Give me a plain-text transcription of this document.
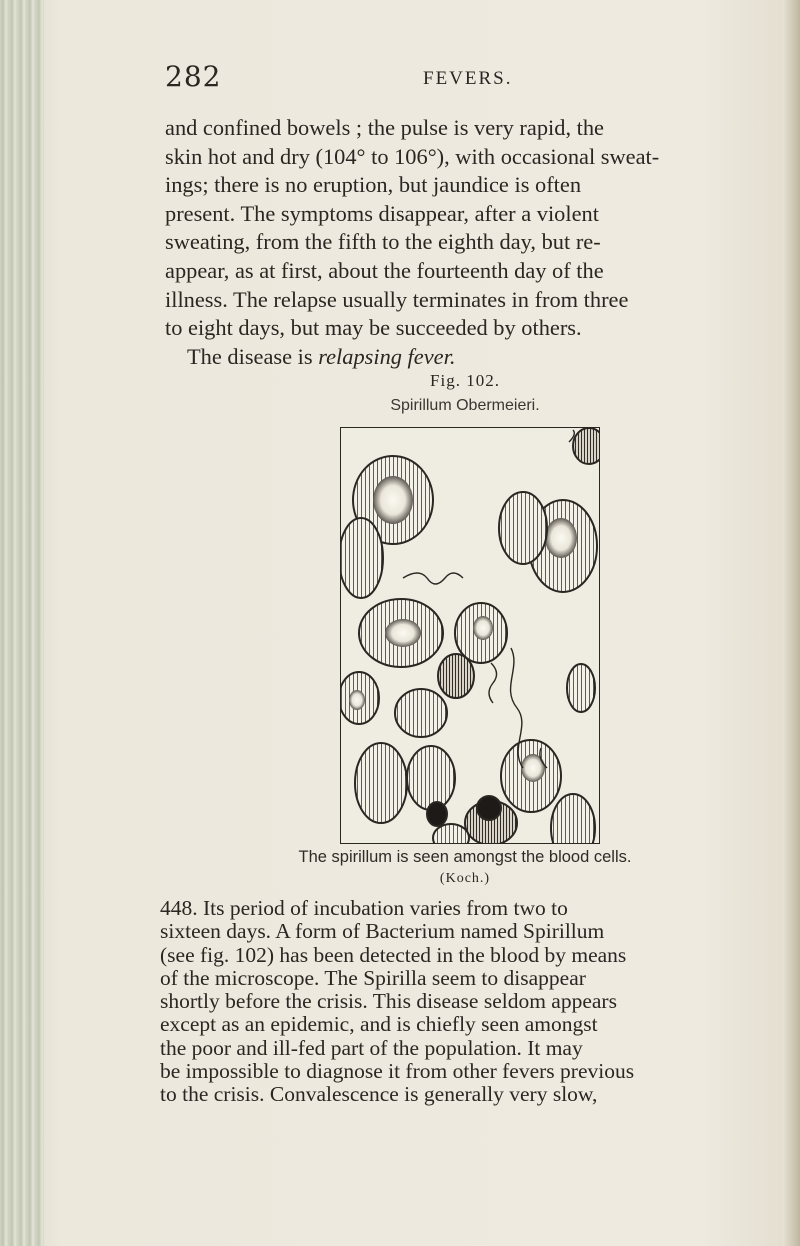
282	FEVERS.
and confined bowels ; the pulse is very rapid, the
skin hot and dry (104° to 106°), with occasional sweat-
ings; there is no eruption, but jaundice is often
present. The symptoms disappear, after a violent
sweating, from the fifth to the eighth day, but re-
appear, as at first, about the fourteenth day of the
illness. The relapse usually terminates in from three
to eight days, but may be succeeded by others.
The disease is relapsing fever.
Fig. 102.
Spirillum Obermeieri.
The spirillum is seen amongst the blood cells.
(Koch.)
448. Its period of incubation varies from two to
sixteen days. A form of Bacterium named Spirillum
(see fig. 102) has been detected in the blood by means
of the microscope. The Spirilla seem to disappear
shortly before the crisis. This disease seldom appears
except as an epidemic, and is chiefly seen amongst
the poor and ill-fed part of the population. It may
be impossible to diagnose it from other fevers previous
to the crisis. Convalescence is generally very slow,
